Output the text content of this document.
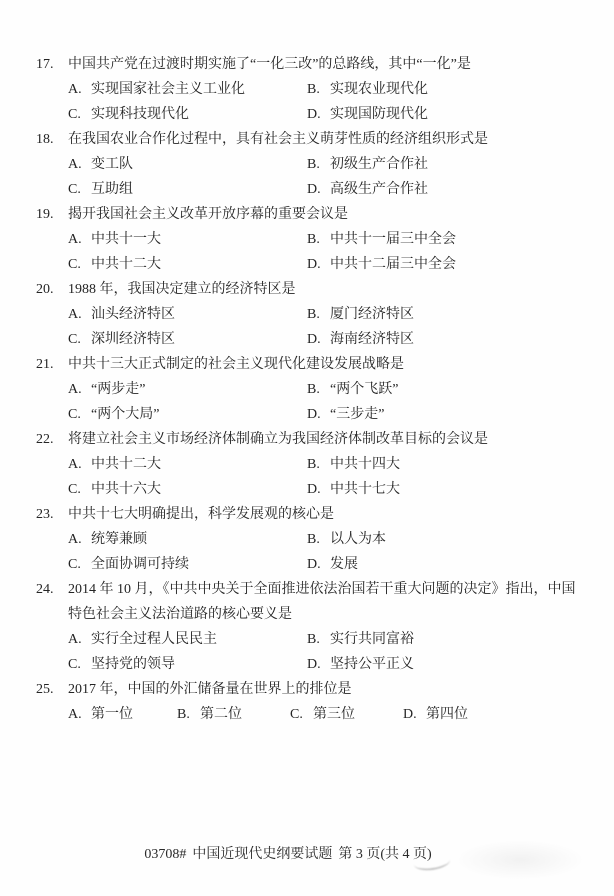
17.	中国共产党在过渡时期实施了“一化三改”的总路线，其中“一化”是
A. 实现国家社会主义工业化	B. 实现农业现代化
C. 实现科技现代化	D. 实现国防现代化
18.	在我国农业合作化过程中，具有社会主义萌芽性质的经济组织形式是
A. 变工队	B. 初级生产合作社
C. 互助组	D. 高级生产合作社
19.	揭开我国社会主义改革开放序幕的重要会议是
A. 中共十一大	B. 中共十一届三中全会
C. 中共十二大	D. 中共十二届三中全会
20.	1988 年，我国决定建立的经济特区是
A. 汕头经济特区	B. 厦门经济特区
C. 深圳经济特区	D. 海南经济特区
21.	中共十三大正式制定的社会主义现代化建设发展战略是
A. “两步走”	B. “两个飞跃”
C. “两个大局”	D. “三步走”
22.	将建立社会主义市场经济体制确立为我国经济体制改革目标的会议是
A. 中共十二大	B. 中共十四大
C. 中共十六大	D. 中共十七大
23.	中共十七大明确提出，科学发展观的核心是
A. 统筹兼顾	B. 以人为本
C. 全面协调可持续	D. 发展
24.	2014 年 10 月，《中共中央关于全面推进依法治国若干重大问题的决定》指出，中国
特色社会主义法治道路的核心要义是
A. 实行全过程人民民主	B. 实行共同富裕
C. 坚持党的领导	D. 坚持公平正义
25.	2017 年，中国的外汇储备量在世界上的排位是
A. 第一位	B. 第二位	C. 第三位	D. 第四位
03708# 中国近现代史纲要试题 第 3 页(共 4 页)
